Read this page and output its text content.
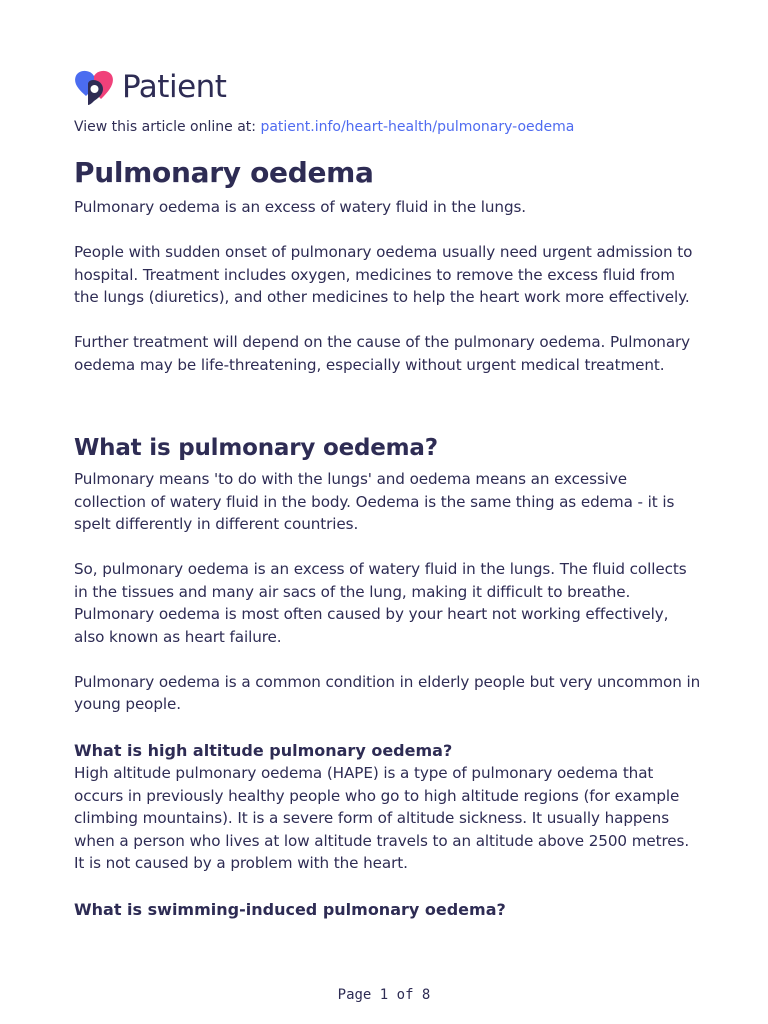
Patient
View this article online at: patient.info/heart-health/pulmonary-oedema
Pulmonary oedema

Pulmonary oedema is an excess of watery fluid in the lungs.

People with sudden onset of pulmonary oedema usually need urgent admission to hospital. Treatment includes oxygen, medicines to remove the excess fluid from the lungs (diuretics), and other medicines to help the heart work more effectively.

Further treatment will depend on the cause of the pulmonary oedema. Pulmonary oedema may be life-threatening, especially without urgent medical treatment.

What is pulmonary oedema?

Pulmonary means 'to do with the lungs' and oedema means an excessive collection of watery fluid in the body. Oedema is the same thing as edema - it is spelt differently in different countries.

So, pulmonary oedema is an excess of watery fluid in the lungs. The fluid collects in the tissues and many air sacs of the lung, making it difficult to breathe. Pulmonary oedema is most often caused by your heart not working effectively, also known as heart failure.

Pulmonary oedema is a common condition in elderly people but very uncommon in young people.

What is high altitude pulmonary oedema?

High altitude pulmonary oedema (HAPE) is a type of pulmonary oedema that occurs in previously healthy people who go to high altitude regions (for example climbing mountains). It is a severe form of altitude sickness. It usually happens when a person who lives at low altitude travels to an altitude above 2500 metres. It is not caused by a problem with the heart.

What is swimming-induced pulmonary oedema?
Page 1 of 8
